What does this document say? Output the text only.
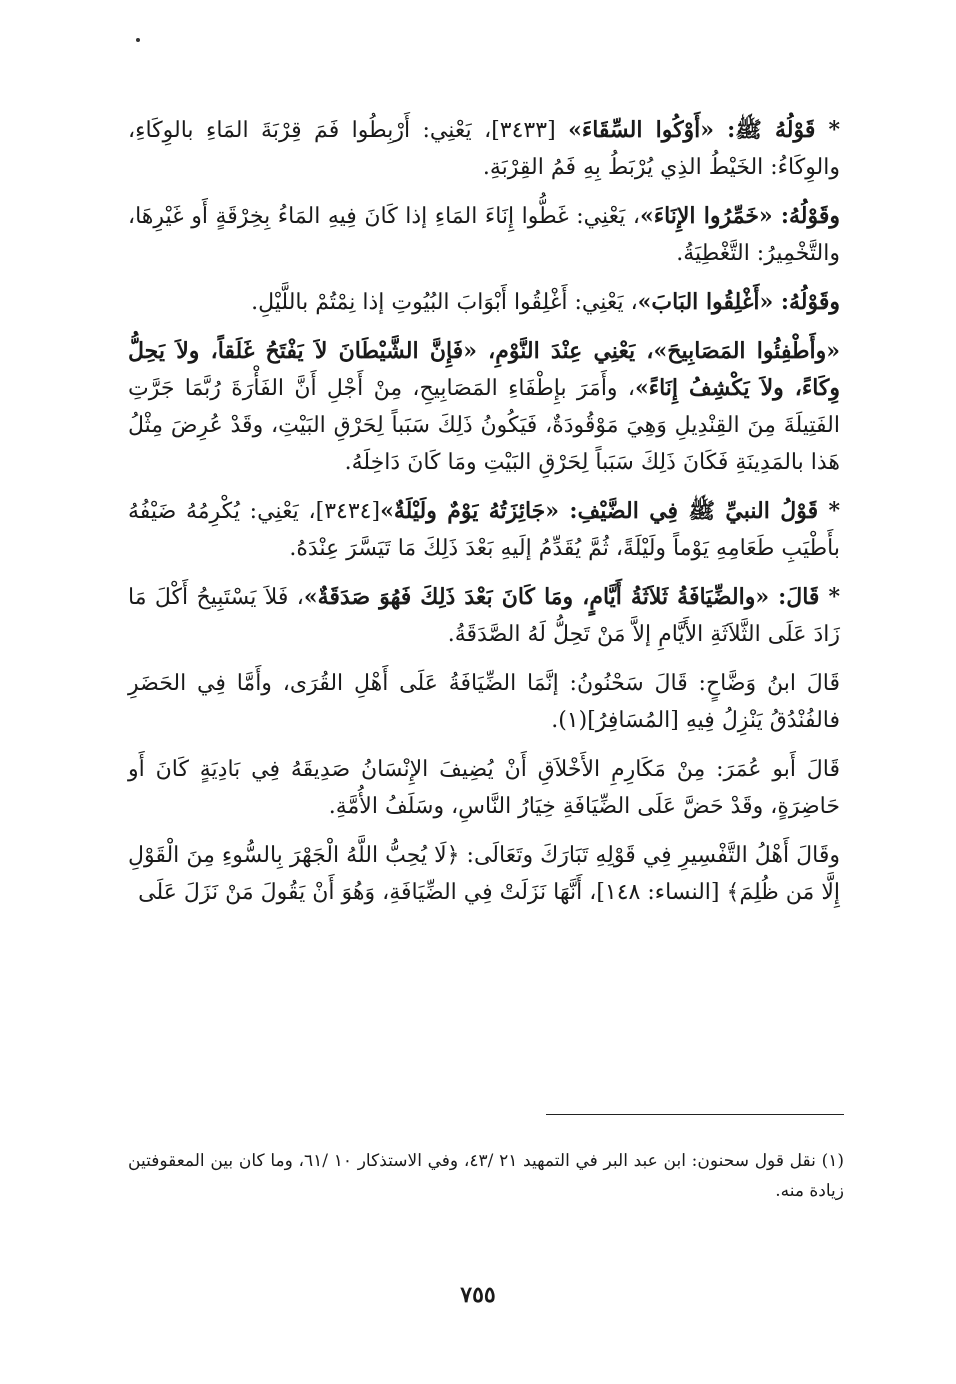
* قَوْلُهُ ﷺ: «أَوْكُوا السِّقَاءَ» [٣٤٣٣]، يَعْنِي: أَرْبِطُوا فَمَ قِرْبَةَ المَاءِ بالوِكَاءِ، والوِكَاءُ: الخَيْطُ الذِي يُرْبَطُ بِهِ فَمُ القِرْبَةِ.

وقَوْلُهُ: «خَمِّرُوا الإِنَاءَ»، يَعْنِي: غَطُّوا إِنَاءَ المَاءِ إذا كَانَ فِيهِ المَاءُ بِخِرْقَةٍ أَو غَيْرِهَا، والتَّخْمِيرُ: التَّغْطِيَةُ.

وقَوْلُهُ: «أَغْلِقُوا البَابَ»، يَعْنِي: أَغْلِقُوا أَبْوَابَ البُيُوتِ إذا نِمْتُمْ باللَّيْلِ.

«وأَطْفِئُوا المَصَابِيحَ»، يَعْنِي عِنْدَ النَّوْمِ، «فَإِنَّ الشَّيْطَانَ لاَ يَفْتَحُ غَلَقاً، ولاَ يَحِلُّ وِكَاءً، ولاَ يَكْشِفُ إِنَاءً»، وأَمَرَ بإِطْفَاءِ المَصَابِيحِ، مِنْ أَجْلِ أَنَّ الفَأْرَةَ رُبَّمَا جَرَّتِ الفَتِيلَةَ مِنَ القِنْدِيلِ وَهِيَ مَوْقُودَةٌ، فَيَكُونُ ذَلِكَ سَبَباً لِحَرْقِ البَيْتِ، وقَدْ عُرِضَ مِثْلُ هَذا بالمَدِينَةِ فَكَانَ ذَلِكَ سَبَباً لِحَرْقِ البَيْتِ ومَا كَانَ دَاخِلَهُ.

* قَوْلُ النبيِّ ﷺ فِي الضَّيْفِ: «جَائِزَتُهُ يَوْمٌ ولَيْلَةٌ»[٣٤٣٤]، يَعْنِي: يُكْرِمُهُ ضَيْفُهُ بأَطْيَبِ طَعَامِهِ يَوْماً ولَيْلَةً، ثُمَّ يُقَدِّمُ إلَيهِ بَعْدَ ذَلِكَ مَا تَيَسَّرَ عِنْدَهُ.

* قَالَ: «والضِّيَافَةُ ثَلاَثَةُ أَيَّامٍ، ومَا كَانَ بَعْدَ ذَلِكَ فَهُوَ صَدَقَةٌ»، فَلاَ يَسْتَبِيحُ أَكْلَ مَا زَادَ عَلَى الثَّلاَثَةِ الأَيَّامِ إلاَّ مَنْ تَحِلُّ لَهُ الصَّدَقَةُ.

قَالَ ابنُ وَضَّاحٍ: قَالَ سَحْنُونُ: إنَّمَا الضِّيَافَةُ عَلَى أَهْلِ القُرَى، وأَمَّا فِي الحَضَرِ فالفُنْدُقُ يَنْزِلُ فِيهِ [المُسَافِرُ](١).

قَالَ أَبو عُمَرَ: مِنْ مَكَارِمِ الأَخْلاَقِ أَنْ يُضِيفَ الإِنْسَانُ صَدِيقَهُ فِي بَادِيَةٍ كَانَ أَو حَاضِرَةٍ، وقَدْ حَضَّ عَلَى الضِّيَافَةِ خِيَارُ النَّاسِ، وسَلَفُ الأُمَّةِ.

وقَالَ أَهْلُ التَّفْسِيرِ فِي قَوْلِهِ تَبَارَكَ وتَعَالَى: ﴿لَا يُحِبُّ اللَّهُ الْجَهْرَ بِالسُّوءِ مِنَ الْقَوْلِ إِلَّا مَن ظُلِمَ﴾ [النساء: ١٤٨]، أَنَّهَا نَزَلَتْ فِي الضِّيَافَةِ، وَهُوَ أَنْ يَقُولَ مَنْ نَزَلَ عَلَى

(١) نقل قول سحنون: ابن عبد البر في التمهيد ٢١ /٤٣، وفي الاستذكار ١٠ /٦١، وما كان بين المعقوفتين زيادة منه.
٧٥٥
